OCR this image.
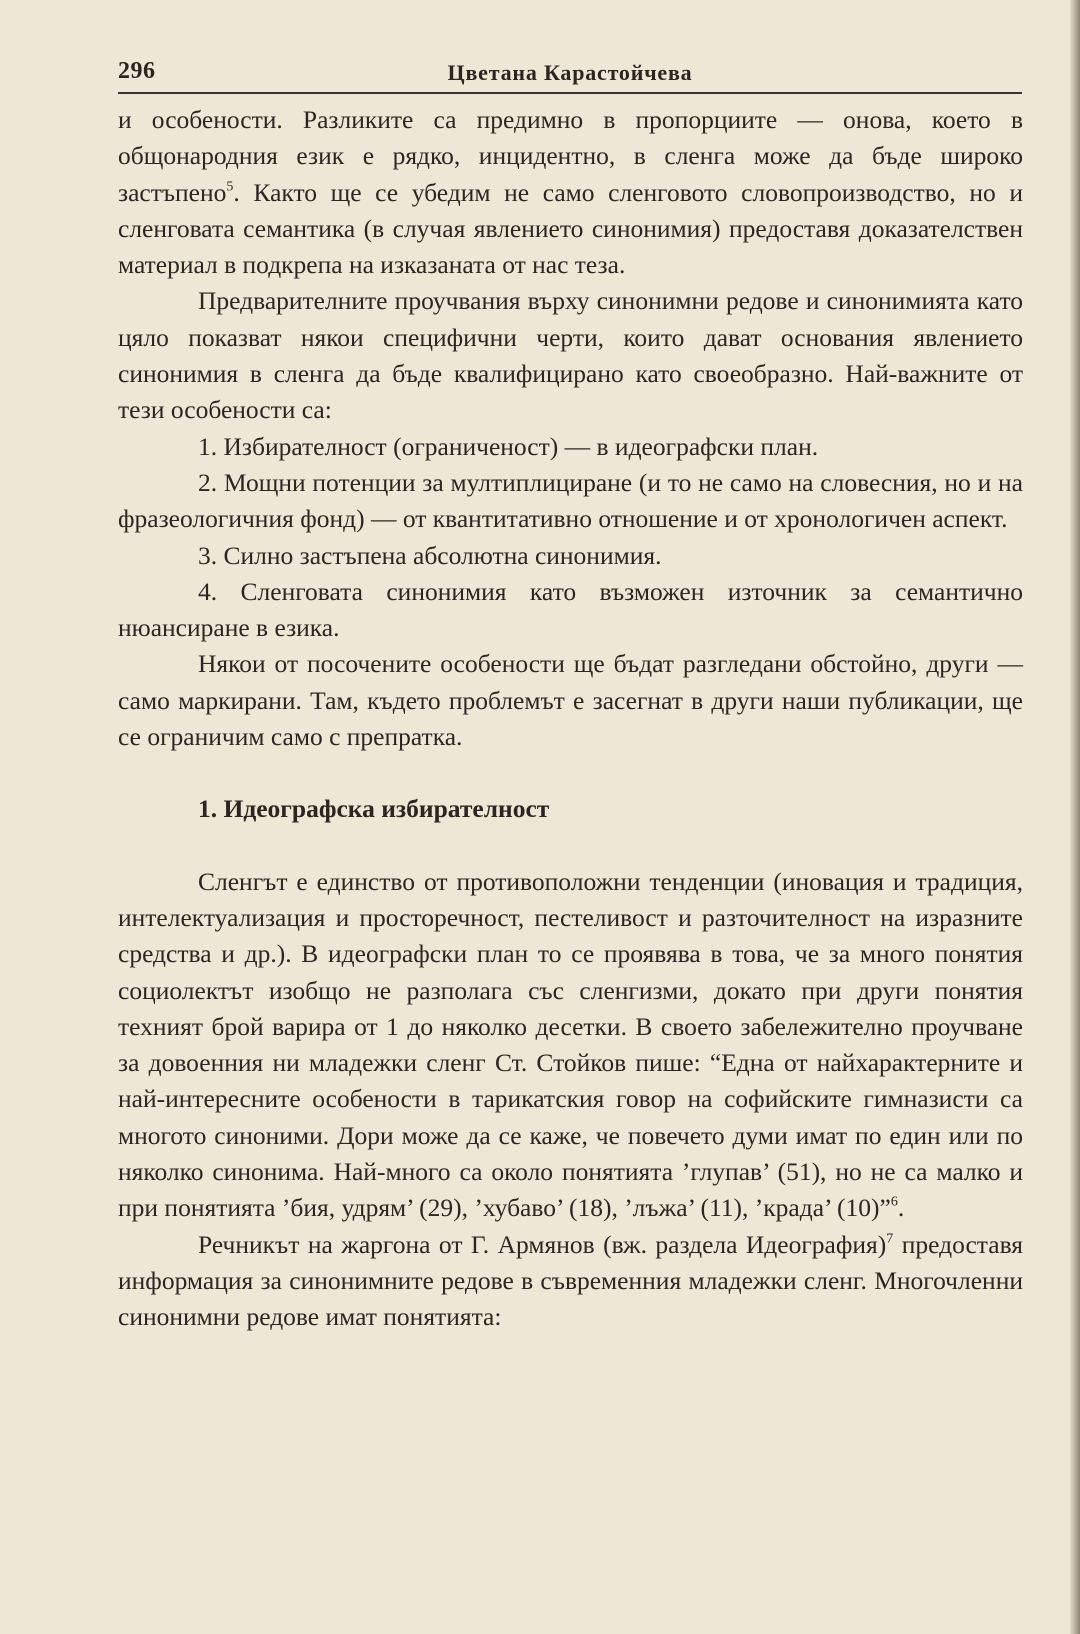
296	Цветана Карастойчева

и особености. Разликите са предимно в пропорциите — онова, което в общонародния език е рядко, инцидентно, в сленга може да бъде широко застъпено$^5$. Както ще се убедим не само сленговото словопроизводство, но и сленговата семантика (в случая явлението синонимия) предоставя доказателствен материал в подкрепа на изказаната от нас теза.

Предварителните проучвания върху синонимни редове и синонимията като цяло показват някои специфични черти, които дават основания явлението синонимия в сленга да бъде квалифицирано като своеобразно. Най-важните от тези особености са:

1. Избирателност (ограниченост) — в идеографски план.

2. Мощни потенции за мултиплициране (и то не само на словесния, но и на фразеологичния фонд) — от квантитативно отношение и от хронологичен аспект.

3. Силно застъпена абсолютна синонимия.

4. Сленговата синонимия като възможен източник за семантично нюансиране в езика.

Някои от посочените особености ще бъдат разгледани обстойно, други — само маркирани. Там, където проблемът е засегнат в други наши публикации, ще се ограничим само с препратка.

1. Идеографска избирателност

Сленгът е единство от противоположни тенденции (иновация и традиция, интелектуализация и просторечност, пестеливост и разточителност на изразните средства и др.). В идеографски план то се проявява в това, че за много понятия социолектът изобщо не разполага със сленгизми, докато при други понятия техният брой варира от 1 до няколко десетки. В своето забележително проучване за довоенния ни младежки сленг Ст. Стойков пише: “Една от найхарактерните и най-интересните особености в тарикатския говор на софийските гимназисти са многото синоними. Дори може да се каже, че повечето думи имат по един или по няколко синонима. Най-много са около понятията ’глупав’ (51), но не са малко и при понятията ’бия, удрям’ (29), ’хубаво’ (18), ’лъжа’ (11), ’крада’ (10)”$^6$.

Речникът на жаргона от Г. Армянов (вж. раздела Идеография)$^7$ предоставя информация за синонимните редове в съвременния младежки сленг. Многочленни синонимни редове имат понятията:
